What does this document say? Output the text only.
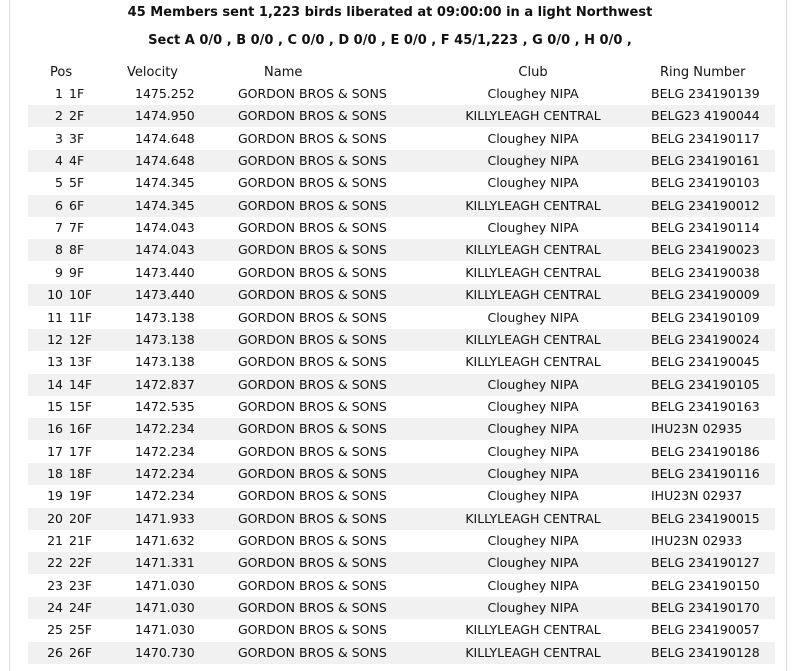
45 Members sent 1,223 birds liberated at 09:00:00 in a light Northwest
Sect A 0/0 , B 0/0 , C 0/0 , D 0/0 , E 0/0 , F 45/1,223 , G 0/0 , H 0/0 ,
Pos	Velocity	Name	Club	Ring Number
1 1F	1475.252	GORDON BROS & SONS	Cloughey NIPA	BELG 234190139
2 2F	1474.950	GORDON BROS & SONS	KILLYLEAGH CENTRAL	BELG23 4190044
3 3F	1474.648	GORDON BROS & SONS	Cloughey NIPA	BELG 234190117
4 4F	1474.648	GORDON BROS & SONS	Cloughey NIPA	BELG 234190161
5 5F	1474.345	GORDON BROS & SONS	Cloughey NIPA	BELG 234190103
6 6F	1474.345	GORDON BROS & SONS	KILLYLEAGH CENTRAL	BELG 234190012
7 7F	1474.043	GORDON BROS & SONS	Cloughey NIPA	BELG 234190114
8 8F	1474.043	GORDON BROS & SONS	KILLYLEAGH CENTRAL	BELG 234190023
9 9F	1473.440	GORDON BROS & SONS	KILLYLEAGH CENTRAL	BELG 234190038
10 10F	1473.440	GORDON BROS & SONS	KILLYLEAGH CENTRAL	BELG 234190009
11 11F	1473.138	GORDON BROS & SONS	Cloughey NIPA	BELG 234190109
12 12F	1473.138	GORDON BROS & SONS	KILLYLEAGH CENTRAL	BELG 234190024
13 13F	1473.138	GORDON BROS & SONS	KILLYLEAGH CENTRAL	BELG 234190045
14 14F	1472.837	GORDON BROS & SONS	Cloughey NIPA	BELG 234190105
15 15F	1472.535	GORDON BROS & SONS	Cloughey NIPA	BELG 234190163
16 16F	1472.234	GORDON BROS & SONS	Cloughey NIPA	IHU23N 02935
17 17F	1472.234	GORDON BROS & SONS	Cloughey NIPA	BELG 234190186
18 18F	1472.234	GORDON BROS & SONS	Cloughey NIPA	BELG 234190116
19 19F	1472.234	GORDON BROS & SONS	Cloughey NIPA	IHU23N 02937
20 20F	1471.933	GORDON BROS & SONS	KILLYLEAGH CENTRAL	BELG 234190015
21 21F	1471.632	GORDON BROS & SONS	Cloughey NIPA	IHU23N 02933
22 22F	1471.331	GORDON BROS & SONS	Cloughey NIPA	BELG 234190127
23 23F	1471.030	GORDON BROS & SONS	Cloughey NIPA	BELG 234190150
24 24F	1471.030	GORDON BROS & SONS	Cloughey NIPA	BELG 234190170
25 25F	1471.030	GORDON BROS & SONS	KILLYLEAGH CENTRAL	BELG 234190057
26 26F	1470.730	GORDON BROS & SONS	KILLYLEAGH CENTRAL	BELG 234190128
